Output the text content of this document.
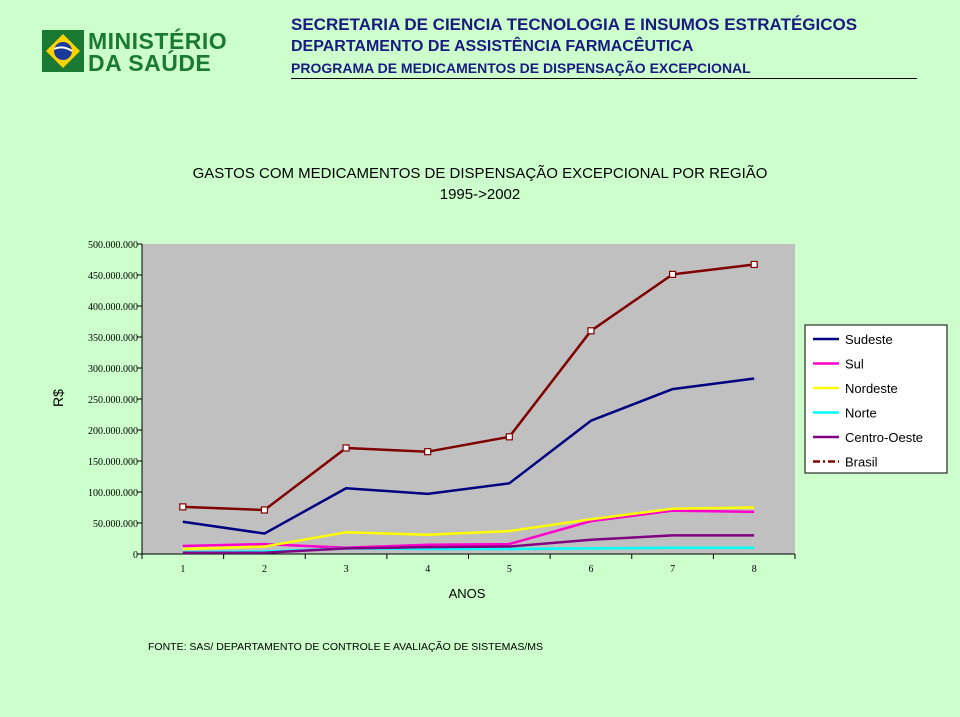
MINISTÉRIO
DA SAÚDE

SECRETARIA DE CIENCIA TECNOLOGIA E INSUMOS ESTRATÉGICOS
DEPARTAMENTO DE ASSISTÊNCIA FARMACÊUTICA
PROGRAMA DE MEDICAMENTOS DE DISPENSAÇÃO EXCEPCIONAL
GASTOS COM MEDICAMENTOS DE DISPENSAÇÃO EXCEPCIONAL POR REGIÃO
1995->2002
0
50.000.000
100.000.000
150.000.000
200.000.000
250.000.000
300.000.000
350.000.000
400.000.000
450.000.000
500.000.000
1	2	3	4	5	6	7	8
R$
ANOS
Sudeste
Sul
Nordeste
Norte
Centro-Oeste
Brasil
FONTE: SAS/ DEPARTAMENTO DE CONTROLE E AVALIAÇÃO DE SISTEMAS/MS
